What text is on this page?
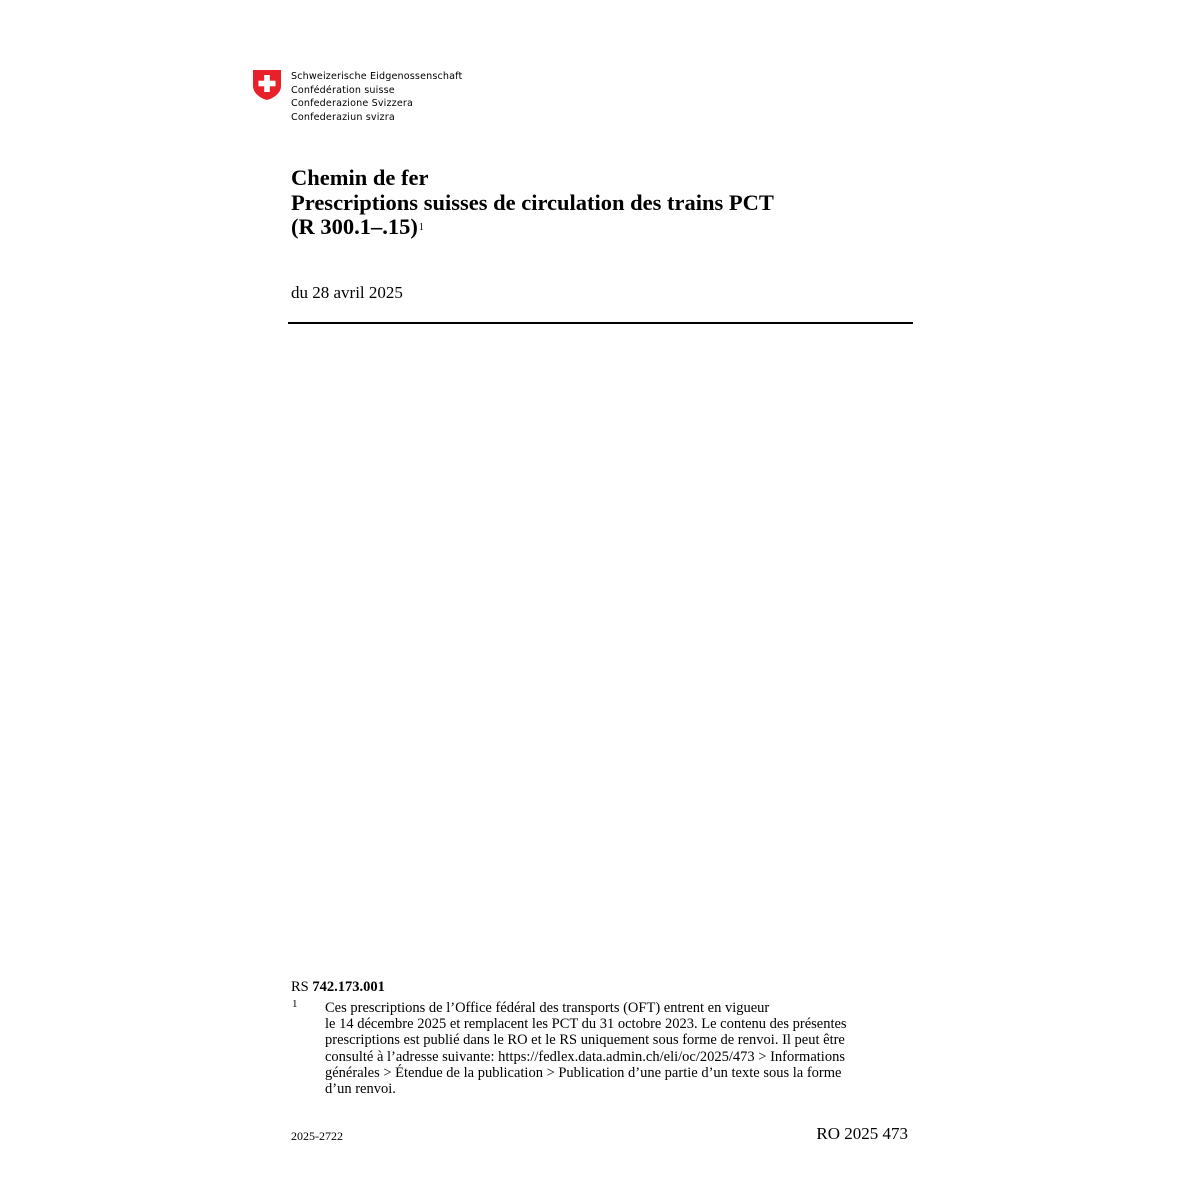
Schweizerische Eidgenossenschaft
Confédération suisse
Confederazione Svizzera
Confederaziun svizra
Chemin de fer
Prescriptions suisses de circulation des trains PCT
(R 300.1–.15)$^1$
du 28 avril 2025
RS 742.173.001
1 Ces prescriptions de l’Office fédéral des transports (OFT) entrent en vigueur
le 14 décembre 2025 et remplacent les PCT du 31 octobre 2023. Le contenu des présentes
prescriptions est publié dans le RO et le RS uniquement sous forme de renvoi. Il peut être
consulté à l’adresse suivante: https://fedlex.data.admin.ch/eli/oc/2025/473 > Informations
générales > Étendue de la publication > Publication d’une partie d’un texte sous la forme
d’un renvoi.
2025-2722	RO 2025 473
